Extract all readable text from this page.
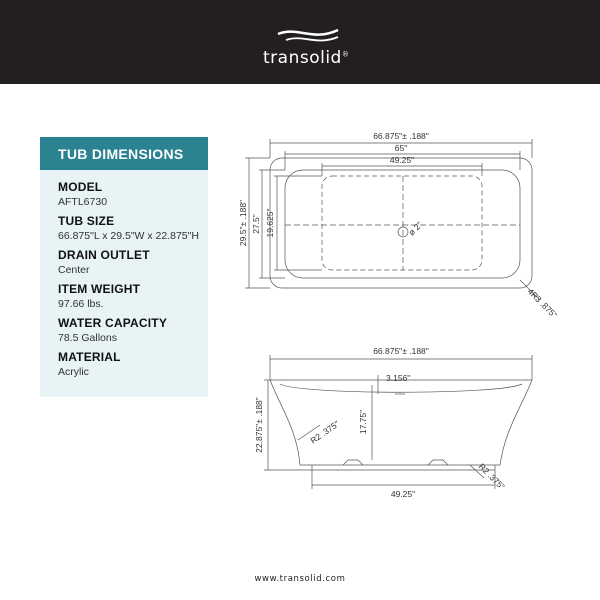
transolid®
TUB DIMENSIONS
MODEL
AFTL6730
TUB SIZE
66.875"L x 29.5"W x 22.875"H
DRAIN OUTLET
Center
ITEM WEIGHT
97.66 lbs.
WATER CAPACITY
78.5 Gallons
MATERIAL
Acrylic
66.875"± .188"
65"
49.25"
29.5"± .188" 27.5" 19.625"	ø 2"
4R3 .875"
66.875"± .188"
3.156"
17.75"
22.875"± .188"	R2 .375"
R2 .375"
49.25"
www.transolid.com
